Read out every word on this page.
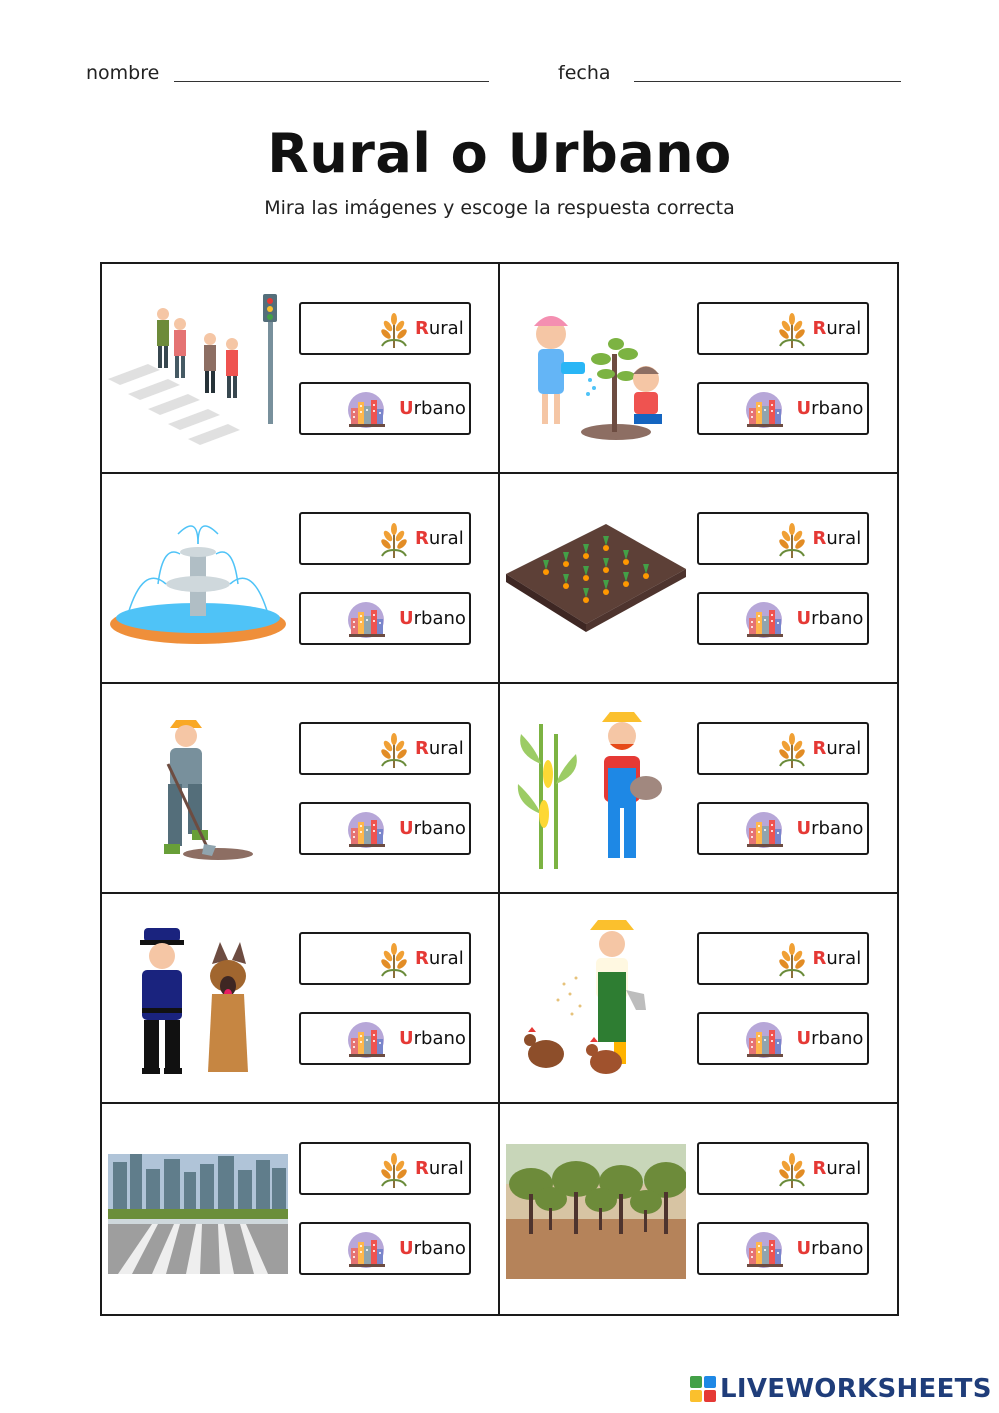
nombre	fecha
Rural o Urbano
Mira las imágenes y escoge la respuesta correcta
Rural
Urbano
Rural
Urbano
Rural
Urbano
Rural
Urbano
Rural
Urbano
Rural
Urbano
Rural
Urbano
Rural
Urbano
Rural
Urbano
Rural
Urbano
LIVEWORKSHEETS
